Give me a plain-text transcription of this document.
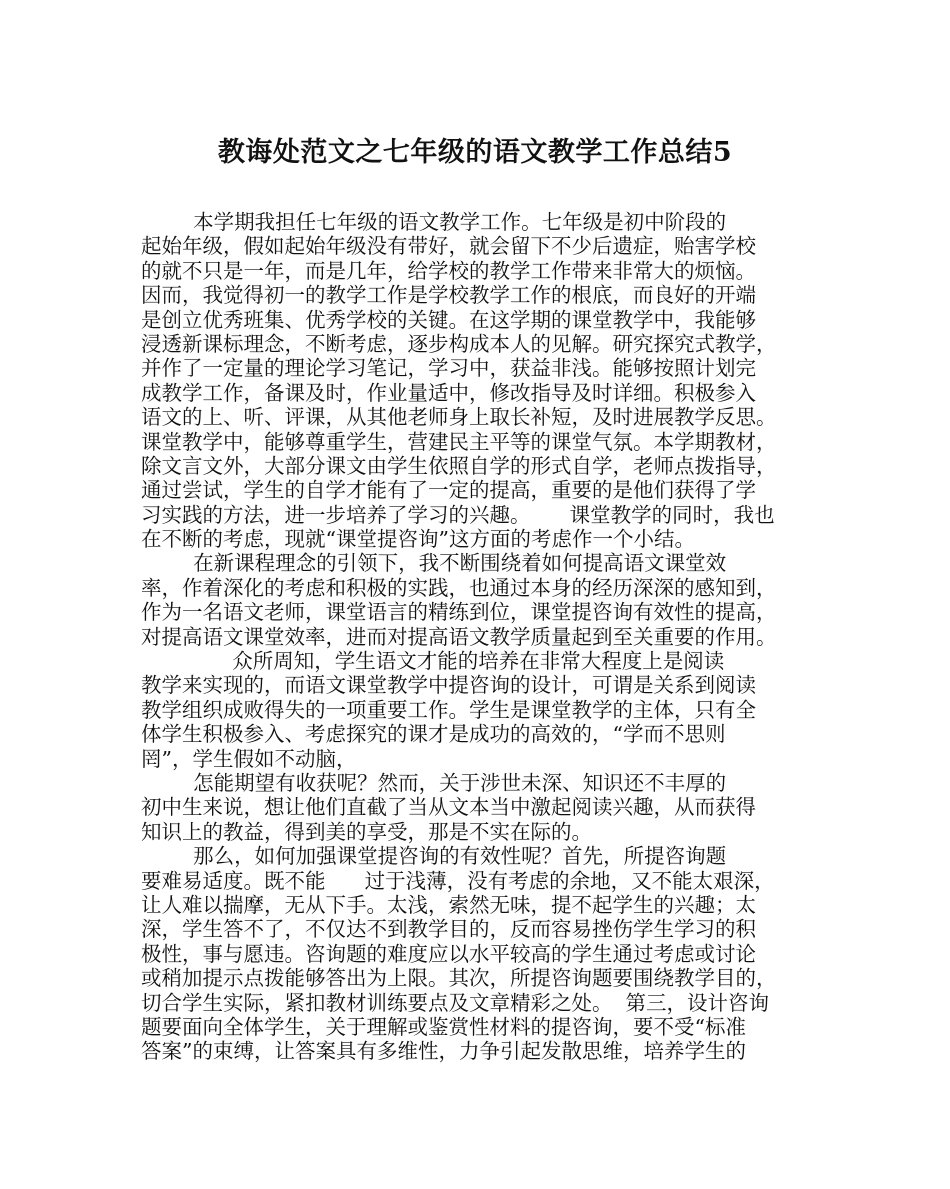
教诲处范文之七年级的语文教学工作总结5
本学期我担任七年级的语文教学工作。七年级是初中阶段的
起始年级，假如起始年级没有带好，就会留下不少后遗症，贻害学校
的就不只是一年，而是几年，给学校的教学工作带来非常大的烦恼。
因而，我觉得初一的教学工作是学校教学工作的根底，而良好的开端
是创立优秀班集、优秀学校的关键。在这学期的课堂教学中，我能够
浸透新课标理念，不断考虑，逐步构成本人的见解。研究探究式教学，
并作了一定量的理论学习笔记，学习中，获益非浅。能够按照计划完
成教学工作，备课及时，作业量适中，修改指导及时详细。积极参入
语文的上、听、评课，从其他老师身上取长补短，及时进展教学反思。
课堂教学中，能够尊重学生，营建民主平等的课堂气氛。本学期教材，
除文言文外，大部分课文由学生依照自学的形式自学，老师点拨指导，
通过尝试，学生的自学才能有了一定的提高，重要的是他们获得了学
习实践的方法，进一步培养了学习的兴趣。      课堂教学的同时，我也
在不断的考虑，现就“课堂提咨询”这方面的考虑作一个小结。
在新课程理念的引领下，我不断围绕着如何提高语文课堂效
率，作着深化的考虑和积极的实践，也通过本身的经历深深的感知到，
作为一名语文老师，课堂语言的精练到位，课堂提咨询有效性的提高，
对提高语文课堂效率，进而对提高语文教学质量起到至关重要的作用。
众所周知，学生语文才能的培养在非常大程度上是阅读
教学来实现的，而语文课堂教学中提咨询的设计，可谓是关系到阅读
教学组织成败得失的一项重要工作。学生是课堂教学的主体，只有全
体学生积极参入、考虑探究的课才是成功的高效的，“学而不思则
罔”，学生假如不动脑，
怎能期望有收获呢？然而，关于涉世未深、知识还不丰厚的
初中生来说，想让他们直截了当从文本当中激起阅读兴趣，从而获得
知识上的教益，得到美的享受，那是不实在际的。
那么，如何加强课堂提咨询的有效性呢？首先，所提咨询题
要难易适度。既不能      过于浅薄，没有考虑的余地，又不能太艰深，
让人难以揣摩，无从下手。太浅，索然无味，提不起学生的兴趣；太
深，学生答不了，不仅达不到教学目的，反而容易挫伤学生学习的积
极性，事与愿违。咨询题的难度应以水平较高的学生通过考虑或讨论
或稍加提示点拨能够答出为上限。其次，所提咨询题要围绕教学目的，
切合学生实际，紧扣教材训练要点及文章精彩之处。  第三，设计咨询
题要面向全体学生，关于理解或鉴赏性材料的提咨询，要不受“标准
答案”的束缚，让答案具有多维性，力争引起发散思维，培养学生的
